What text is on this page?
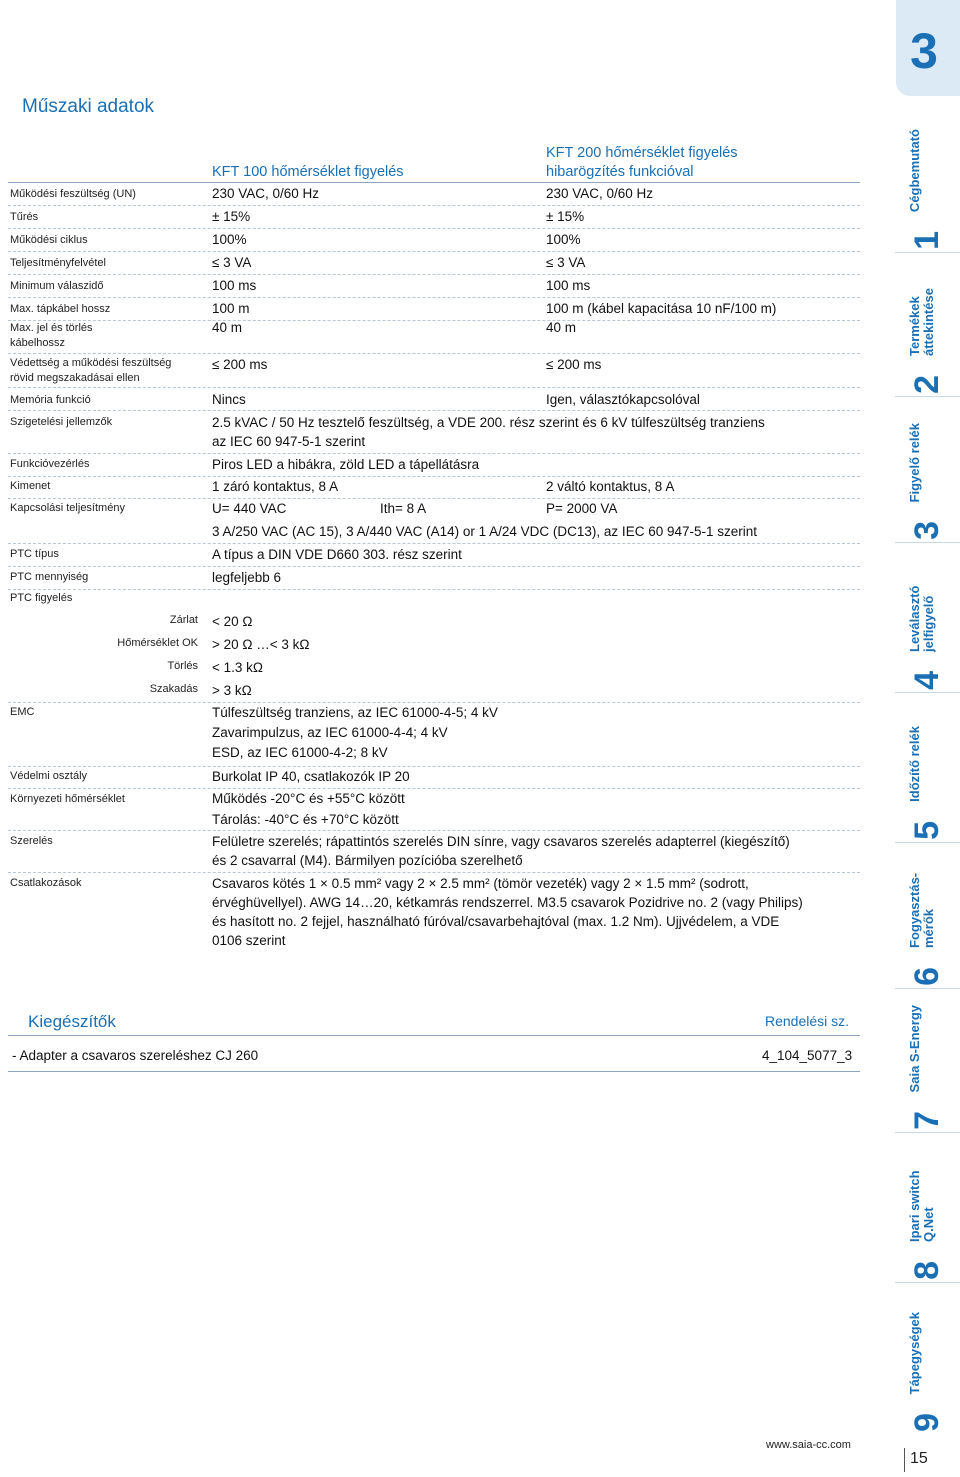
Műszaki adatok
KFT 100 hőmérséklet figyelés
KFT 200 hőmérséklet figyelés
hibarögzítés funkcióval
Működési feszültség (UN)	230 VAC, 0/60 Hz	230 VAC, 0/60 Hz
Tűrés	± 15%	± 15%
Működési ciklus	100%	100%
Teljesítményfelvétel	≤ 3 VA	≤ 3 VA
Minimum válaszidő	100 ms	100 ms
Max. tápkábel hossz	100 m	100 m (kábel kapacitása 10 nF/100 m)
Max. jel és törlés
kábelhossz
40 m	40 m
Védettség a működési feszültség
rövid megszakadásai ellen
≤ 200 ms	≤ 200 ms
Memória funkció	Nincs	Igen, választókapcsolóval
Szigetelési jellemzők	2.5 kVAC / 50 Hz tesztelő feszültség, a VDE 200. rész szerint és 6 kV túlfeszültség tranziens
az IEC 60 947-5-1 szerint
Funkcióvezérlés	Piros LED a hibákra, zöld LED a tápellátásra
Kimenet	1 záró kontaktus, 8 A	2 váltó kontaktus, 8 A
Kapcsolási teljesítmény	U= 440 VAC	Ith= 8 A	P= 2000 VA
3 A/250 VAC (AC 15), 3 A/440 VAC (A14) or 1 A/24 VDC (DC13), az IEC 60 947-5-1 szerint
PTC típus	A típus a DIN VDE D660 303. rész szerint
PTC mennyiség	legfeljebb 6
PTC figyelés
Zárlat < 20 Ω
Hőmérséklet OK > 20 Ω …< 3 kΩ
Törlés < 1.3 kΩ
Szakadás > 3 kΩ
EMC	Túlfeszültség tranziens, az IEC 61000-4-5; 4 kV
Zavarimpulzus, az IEC 61000-4-4; 4 kV
ESD, az IEC 61000-4-2; 8 kV
Védelmi osztály	Burkolat IP 40, csatlakozók IP 20
Környezeti hőmérséklet	Működés -20°C és +55°C között
Tárolás: -40°C és +70°C között
Szerelés	Felületre szerelés; rápattintós szerelés DIN sínre, vagy csavaros szerelés adapterrel (kiegészítő)
és 2 csavarral (M4). Bármilyen pozícióba szerelhető
Csatlakozások	Csavaros kötés 1 × 0.5 mm² vagy 2 × 2.5 mm² (tömör vezeték) vagy 2 × 1.5 mm² (sodrott,
érvéghüvellyel). AWG 14…20, kétkamrás rendszerrel. M3.5 csavarok Pozidrive no. 2 (vagy Philips)
és hasított no. 2 fejjel, használható fúróval/csavarbehajtóval (max. 1.2 Nm). Ujjvédelem, a VDE
0106 szerint
Kiegészítők	Rendelési sz.
- Adapter a csavaros szereléshez CJ 260	4_104_5077_3
www.saia-cc.com
3
Cégbemutató
1
Termékek áttekintése
2
Figyelő relék
3
Leválasztó jelfigyelő
4
Időzítő relék
5
Fogyasztás-mérők
6
Saia S-Energy
7
Ipari switch Q.Net
8
Tápegységek
9
15
